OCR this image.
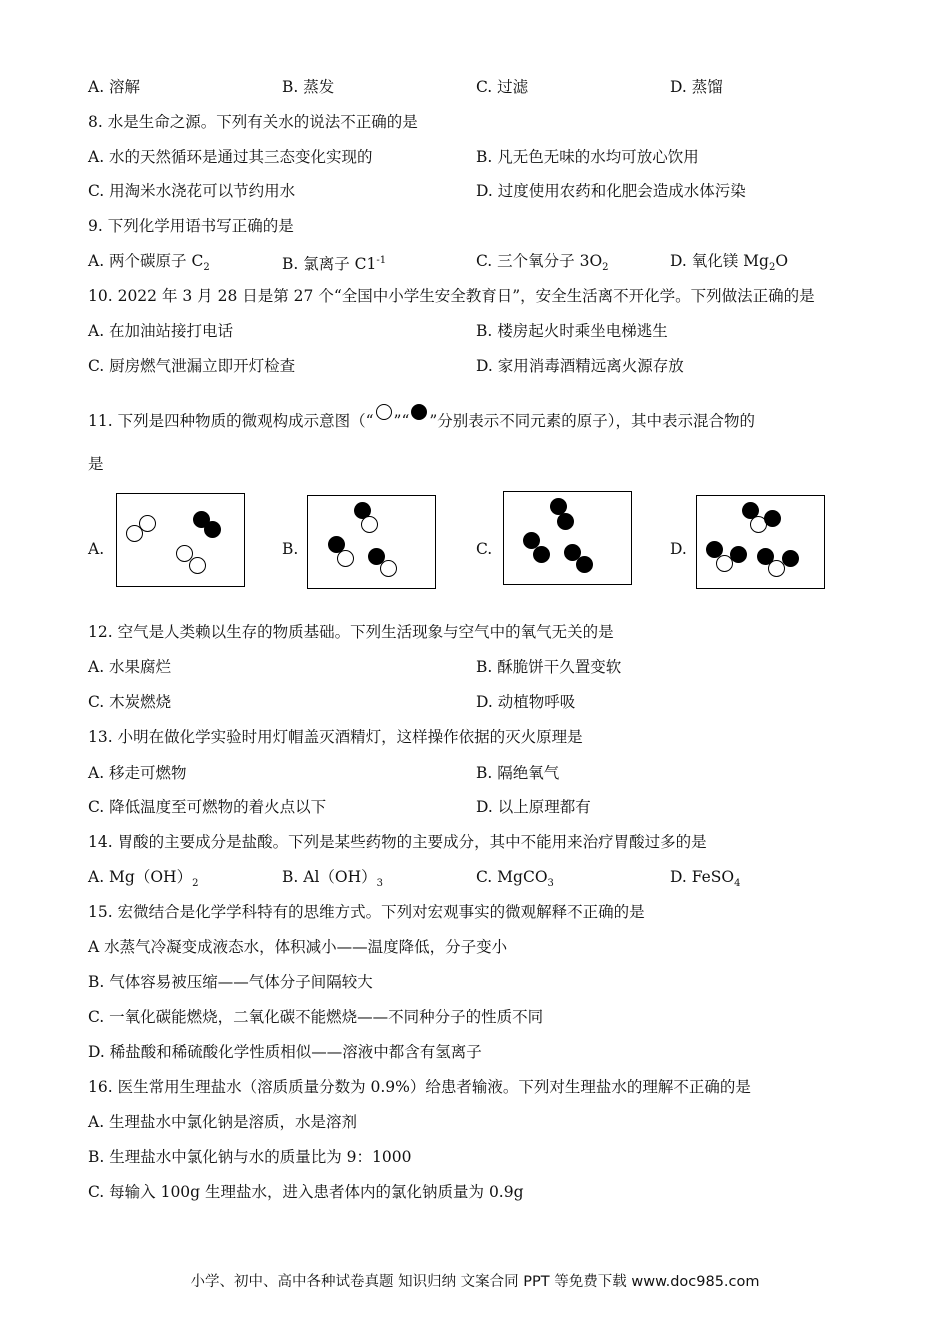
A. 溶解	B. 蒸发	C. 过滤	D. 蒸馏
8. 水是生命之源。下列有关水的说法不正确的是
A. 水的天然循环是通过其三态变化实现的	B. 凡无色无味的水均可放心饮用
C. 用淘米水浇花可以节约用水	D. 过度使用农药和化肥会造成水体污染
9. 下列化学用语书写正确的是
A. 两个碳原子 $C_2$	B. 氯离子 $C1^{-1}$	C. 三个氧分子 $3O_2$	D. 氧化镁 $Mg_2O$
10. 2022 年 3 月 28 日是第 27 个“全国中小学生安全教育日”，安全生活离不开化学。下列做法正确的是
A. 在加油站接打电话	B. 楼房起火时乘坐电梯逃生
C. 厨房燃气泄漏立即开灯检查	D. 家用消毒酒精远离火源存放
11. 下列是四种物质的微观构成示意图（“ ”“ ”分别表示不同元素的原子），其中表示混合物的
是
A.	B.	C.	D.
12. 空气是人类赖以生存的物质基础。下列生活现象与空气中的氧气无关的是
A. 水果腐烂	B. 酥脆饼干久置变软
C. 木炭燃烧	D. 动植物呼吸
13. 小明在做化学实验时用灯帽盖灭酒精灯，这样操作依据的灭火原理是
A. 移走可燃物	B. 隔绝氧气
C. 降低温度至可燃物的着火点以下	D. 以上原理都有
14. 胃酸的主要成分是盐酸。下列是某些药物的主要成分，其中不能用来治疗胃酸过多的是
A. $Mg(OH)_2$	B. $Al(OH)_3$	C. MgCO$_3$	D. FeSO$_4$
15. 宏微结合是化学学科特有的思维方式。下列对宏观事实的微观解释不正确的是
A 水蒸气冷凝变成液态水，体积减小——温度降低，分子变小
B. 气体容易被压缩——气体分子间隔较大
C. 一氧化碳能燃烧，二氧化碳不能燃烧——不同种分子的性质不同
D. 稀盐酸和稀硫酸化学性质相似——溶液中都含有氢离子
16. 医生常用生理盐水（溶质质量分数为 0.9%）给患者输液。下列对生理盐水的理解不正确的是
A. 生理盐水中氯化钠是溶质，水是溶剂
B. 生理盐水中氯化钠与水的质量比为 9：1000
C. 每输入 100g 生理盐水，进入患者体内的氯化钠质量为 0.9g
小学、初中、高中各种试卷真题 知识归纳 文案合同 PPT 等免费下载 www.doc985.com
